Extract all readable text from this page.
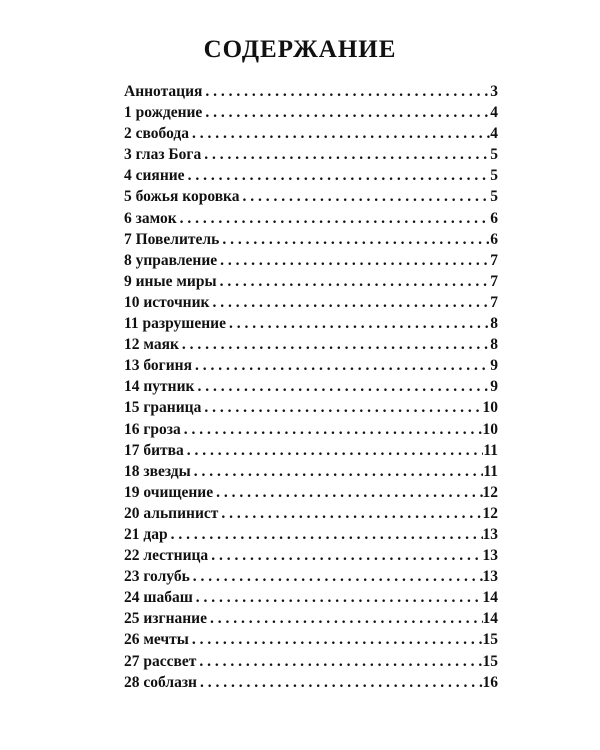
СОДЕРЖАНИЕ
Аннотация . . .	3
1 рождение . . .	4
2 свобода . . .	4
3 глаз Бога . . .	5
4 сияние . . .	5
5 божья коровка . . .	5
6 замок . . .	6
7 Повелитель . . .	6
8 управление . . .	7
9 иные миры . . .	7
10 источник . . .	7
11 разрушение . . .	8
12 маяк . . .	8
13 богиня . . .	9
14 путник . . .	9
15 граница . . .	10
16 гроза . . .	10
17 битва . . .	11
18 звезды . . .	11
19 очищение . . .	12
20 альпинист . . .	12
21 дар . . .	13
22 лестница . . .	13
23 голубь . . .	13
24 шабаш . . .	14
25 изгнание . . .	14
26 мечты . . .	15
27 рассвет . . .	15
28 соблазн . . .	16
